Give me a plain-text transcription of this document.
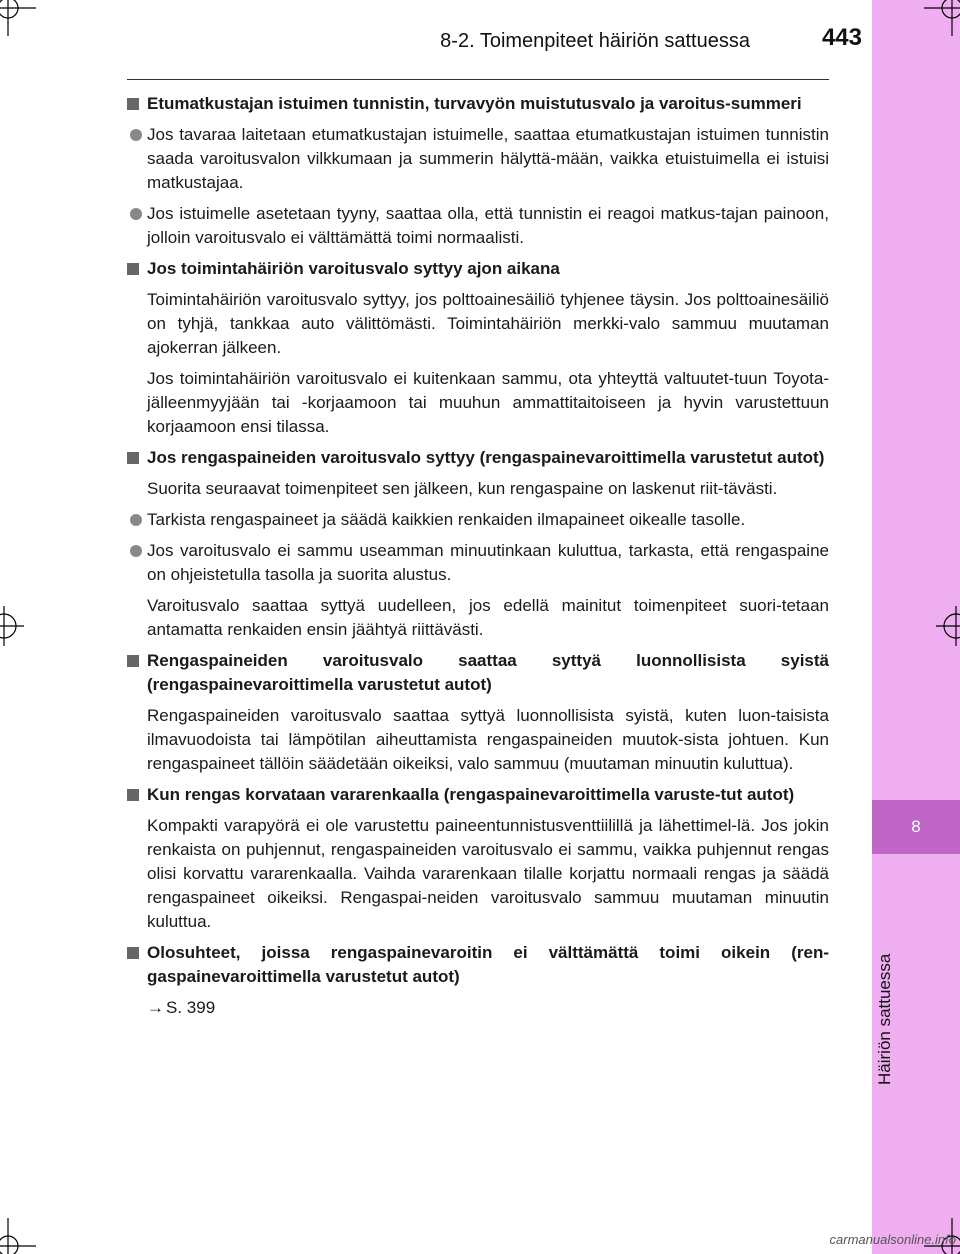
8
Häiriön sattuessa
8-2. Toimenpiteet häiriön sattuessa	443
Etumatkustajan istuimen tunnistin, turvavyön muistutusvalo ja varoitus-summeri
Jos tavaraa laitetaan etumatkustajan istuimelle, saattaa etumatkustajan istuimen tunnistin saada varoitusvalon vilkkumaan ja summerin hälyttä-mään, vaikka etuistuimella ei istuisi matkustajaa.
Jos istuimelle asetetaan tyyny, saattaa olla, että tunnistin ei reagoi matkus-tajan painoon, jolloin varoitusvalo ei välttämättä toimi normaalisti.
Jos toimintahäiriön varoitusvalo syttyy ajon aikana
Toimintahäiriön varoitusvalo syttyy, jos polttoainesäiliö tyhjenee täysin. Jos polttoainesäiliö on tyhjä, tankkaa auto välittömästi. Toimintahäiriön merkki-valo sammuu muutaman ajokerran jälkeen.
Jos toimintahäiriön varoitusvalo ei kuitenkaan sammu, ota yhteyttä valtuutet-tuun Toyota-jälleenmyyjään tai -korjaamoon tai muuhun ammattitaitoiseen ja hyvin varustettuun korjaamoon ensi tilassa.
Jos rengaspaineiden varoitusvalo syttyy (rengaspainevaroittimella varustetut autot)
Suorita seuraavat toimenpiteet sen jälkeen, kun rengaspaine on laskenut riit-tävästi.
Tarkista rengaspaineet ja säädä kaikkien renkaiden ilmapaineet oikealle tasolle.
Jos varoitusvalo ei sammu useamman minuutinkaan kuluttua, tarkasta, että rengaspaine on ohjeistetulla tasolla ja suorita alustus.
Varoitusvalo saattaa syttyä uudelleen, jos edellä mainitut toimenpiteet suori-tetaan antamatta renkaiden ensin jäähtyä riittävästi.
Rengaspaineiden varoitusvalo saattaa syttyä luonnollisista syistä (rengaspainevaroittimella varustetut autot)
Rengaspaineiden varoitusvalo saattaa syttyä luonnollisista syistä, kuten luon-taisista ilmavuodoista tai lämpötilan aiheuttamista rengaspaineiden muutok-sista johtuen. Kun rengaspaineet tällöin säädetään oikeiksi, valo sammuu (muutaman minuutin kuluttua).
Kun rengas korvataan vararenkaalla (rengaspainevaroittimella varuste-tut autot)
Kompakti varapyörä ei ole varustettu paineentunnistusventtiilillä ja lähettimel-lä. Jos jokin renkaista on puhjennut, rengaspaineiden varoitusvalo ei sammu, vaikka puhjennut rengas olisi korvattu vararenkaalla. Vaihda vararenkaan tilalle korjattu normaali rengas ja säädä rengaspaineet oikeiksi. Rengaspai-neiden varoitusvalo sammuu muutaman minuutin kuluttua.
Olosuhteet, joissa rengaspainevaroitin ei välttämättä toimi oikein (ren-gaspainevaroittimella varustetut autot)
→ S. 399
carmanualsonline.info
